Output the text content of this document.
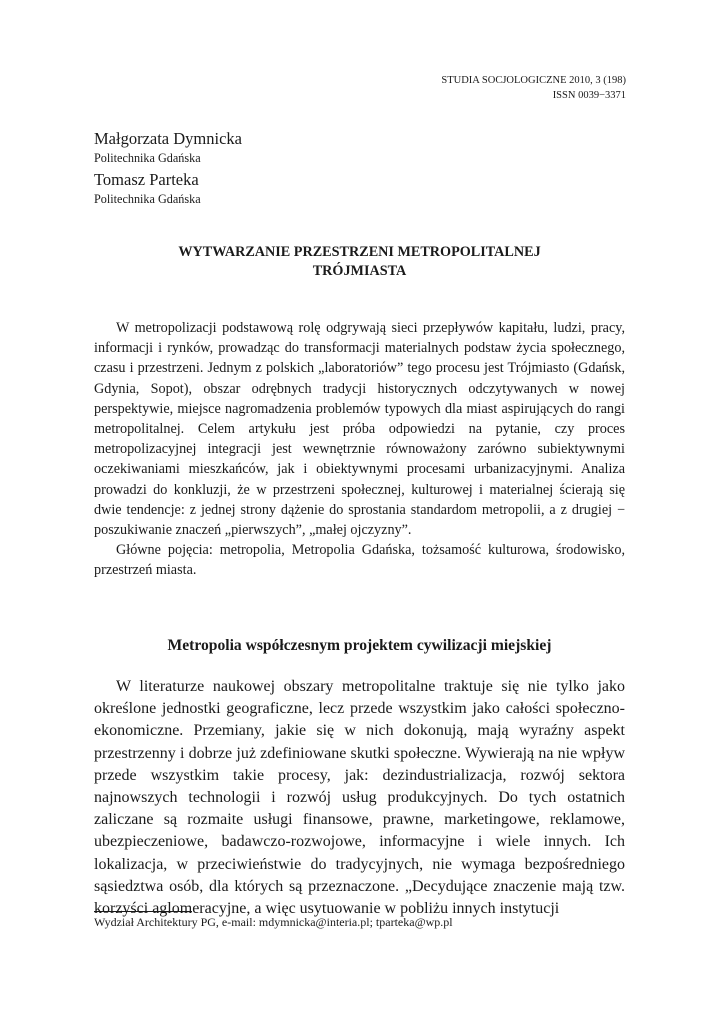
STUDIA SOCJOLOGICZNE 2010, 3 (198)
ISSN 0039−3371
Małgorzata Dymnicka
Politechnika Gdańska
Tomasz Parteka
Politechnika Gdańska
WYTWARZANIE PRZESTRZENI METROPOLITALNEJ
TRÓJMIASTA

W metropolizacji podstawową rolę odgrywają sieci przepływów kapitału, ludzi, pracy, informacji i rynków, prowadząc do transformacji materialnych podstaw życia społecznego, czasu i przestrzeni. Jednym z polskich „laboratoriów” tego procesu jest Trójmiasto (Gdańsk, Gdynia, Sopot), obszar odrębnych tradycji historycznych odczytywanych w nowej perspektywie, miejsce nagromadzenia problemów typowych dla miast aspirujących do rangi metropolitalnej. Celem artykułu jest próba odpowiedzi na pytanie, czy proces metropolizacyjnej integracji jest wewnętrznie równoważony zarówno subiektywnymi oczekiwaniami mieszkańców, jak i obiektywnymi procesami urbanizacyjnymi. Analiza prowadzi do konkluzji, że w przestrzeni społecznej, kulturowej i materialnej ścierają się dwie tendencje: z jednej strony dążenie do sprostania standardom metropolii, a z drugiej − poszukiwanie znaczeń „pierwszych”, „małej ojczyzny”.

Główne pojęcia: metropolia, Metropolia Gdańska, tożsamość kulturowa, środowisko, przestrzeń miasta.

Metropolia współczesnym projektem cywilizacji miejskiej

W literaturze naukowej obszary metropolitalne traktuje się nie tylko jako określone jednostki geograficzne, lecz przede wszystkim jako całości społeczno-ekonomiczne. Przemiany, jakie się w nich dokonują, mają wyraźny aspekt przestrzenny i dobrze już zdefiniowane skutki społeczne. Wywierają na nie wpływ przede wszystkim takie procesy, jak: dezindustrializacja, rozwój sektora najnowszych technologii i rozwój usług produkcyjnych. Do tych ostatnich zaliczane są rozmaite usługi finansowe, prawne, marketingowe, reklamowe, ubezpieczeniowe, badawczo-rozwojowe, informacyjne i wiele innych. Ich lokalizacja, w przeciwieństwie do tradycyjnych, nie wymaga bezpośredniego sąsiedztwa osób, dla których są przeznaczone. „Decydujące znaczenie mają tzw. korzyści aglomeracyjne, a więc usytuowanie w pobliżu innych instytucji

Wydział Architektury PG, e-mail: mdymnicka@interia.pl; tparteka@wp.pl
